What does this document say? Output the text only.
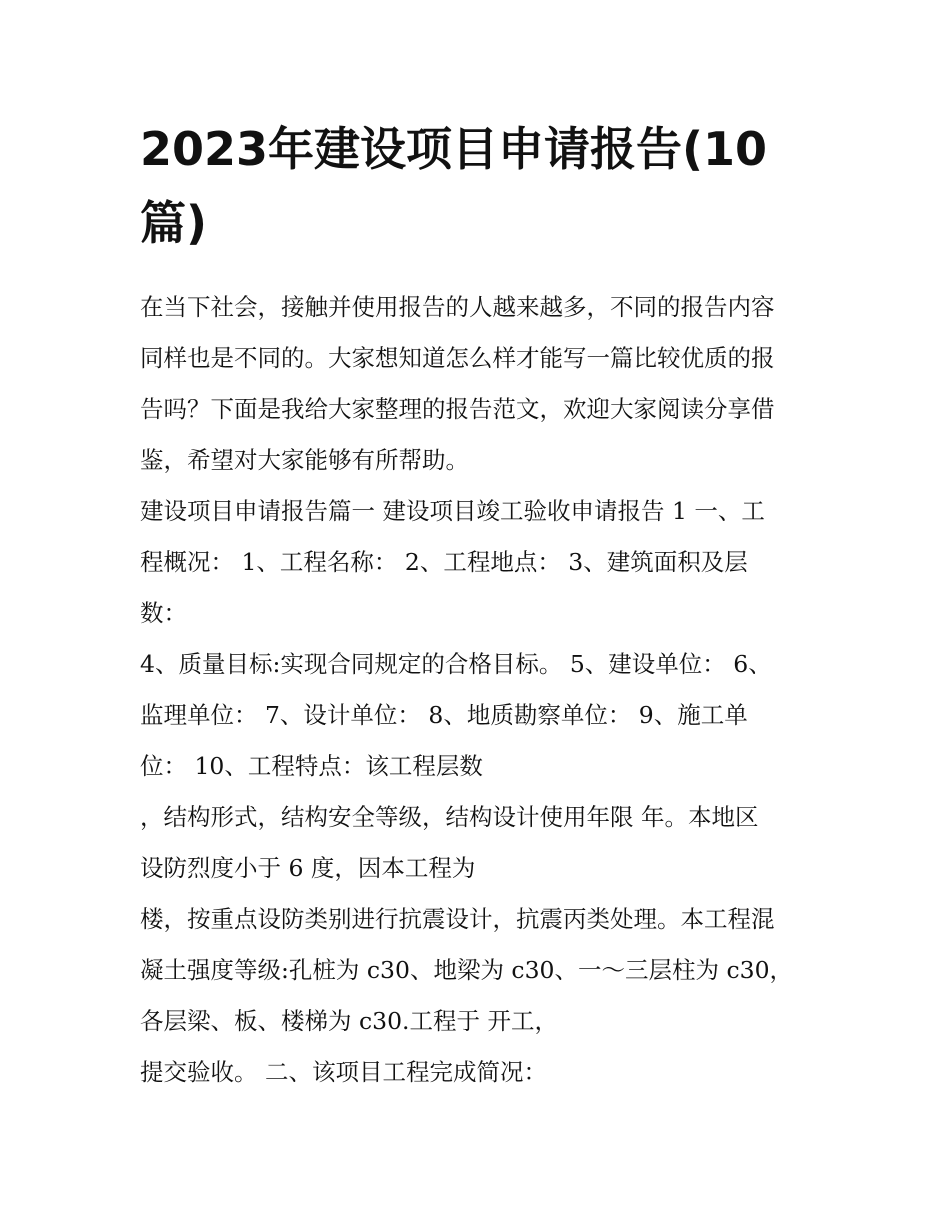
2023年建设项目申请报告(10
篇)
在当下社会，接触并使用报告的人越来越多，不同的报告内容
同样也是不同的。大家想知道怎么样才能写一篇比较优质的报
告吗？下面是我给大家整理的报告范文，欢迎大家阅读分享借
鉴，希望对大家能够有所帮助。
建设项目申请报告篇一 建设项目竣工验收申请报告 1 一、工
程概况： 1、工程名称： 2、工程地点： 3、建筑面积及层
数：
4、质量目标:实现合同规定的合格目标。 5、建设单位： 6、
监理单位： 7、设计单位： 8、地质勘察单位： 9、施工单
位： 10、工程特点：该工程层数
，结构形式，结构安全等级，结构设计使用年限 年。本地区
设防烈度小于 6 度，因本工程为
楼，按重点设防类别进行抗震设计，抗震丙类处理。本工程混
凝土强度等级:孔桩为 c30、地梁为 c30、一～三层柱为 c30，
各层梁、板、楼梯为 c30.工程于 开工，
提交验收。 二、该项目工程完成简况：
